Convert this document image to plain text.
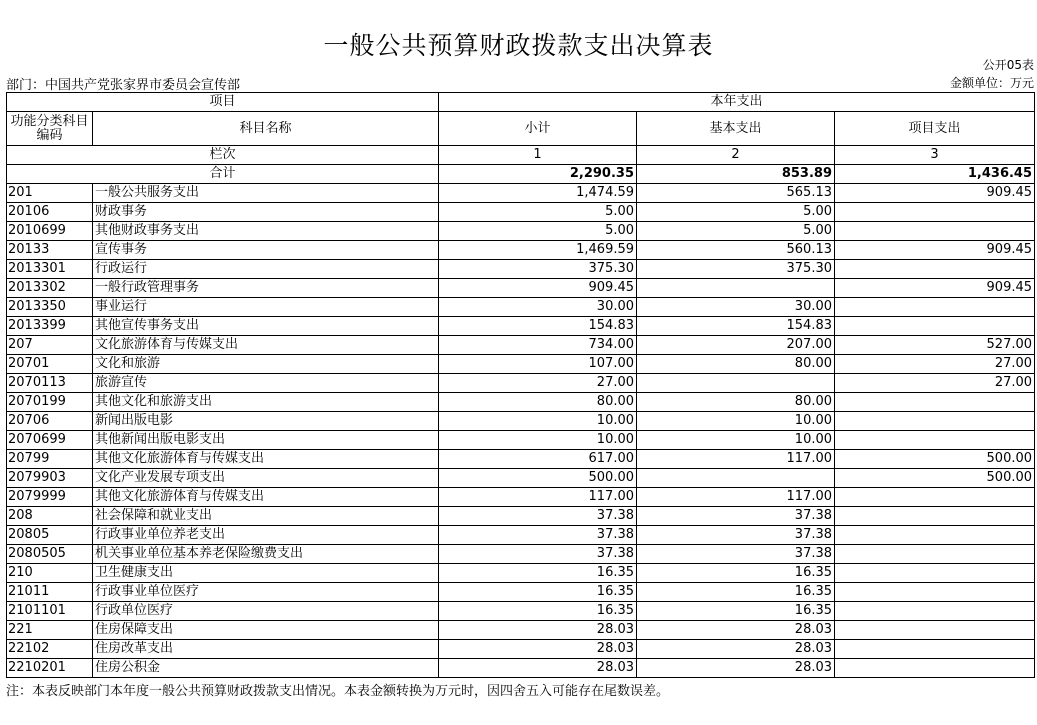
一般公共预算财政拨款支出决算表
公开05表
部门：中国共产党张家界市委员会宣传部	金额单位：万元
项目		本年支出		
功能分类科目编码	科目名称	小计	基本支出	项目支出
栏次		1	2	3
合计		2,290.35	853.89	1,436.45
201	一般公共服务支出	1,474.59	565.13	909.45
20106	财政事务	5.00	5.00	
2010699	其他财政事务支出	5.00	5.00	
20133	宣传事务	1,469.59	560.13	909.45
2013301	行政运行	375.30	375.30	
2013302	一般行政管理事务	909.45		909.45
2013350	事业运行	30.00	30.00	
2013399	其他宣传事务支出	154.83	154.83	
207	文化旅游体育与传媒支出	734.00	207.00	527.00
20701	文化和旅游	107.00	80.00	27.00
2070113	旅游宣传	27.00		27.00
2070199	其他文化和旅游支出	80.00	80.00	
20706	新闻出版电影	10.00	10.00	
2070699	其他新闻出版电影支出	10.00	10.00	
20799	其他文化旅游体育与传媒支出	617.00	117.00	500.00
2079903	文化产业发展专项支出	500.00		500.00
2079999	其他文化旅游体育与传媒支出	117.00	117.00	
208	社会保障和就业支出	37.38	37.38	
20805	行政事业单位养老支出	37.38	37.38	
2080505	机关事业单位基本养老保险缴费支出	37.38	37.38	
210	卫生健康支出	16.35	16.35	
21011	行政事业单位医疗	16.35	16.35	
2101101	行政单位医疗	16.35	16.35	
221	住房保障支出	28.03	28.03	
22102	住房改革支出	28.03	28.03	
2210201	住房公积金	28.03	28.03	
注：本表反映部门本年度一般公共预算财政拨款支出情况。本表金额转换为万元时，因四舍五入可能存在尾数误差。
